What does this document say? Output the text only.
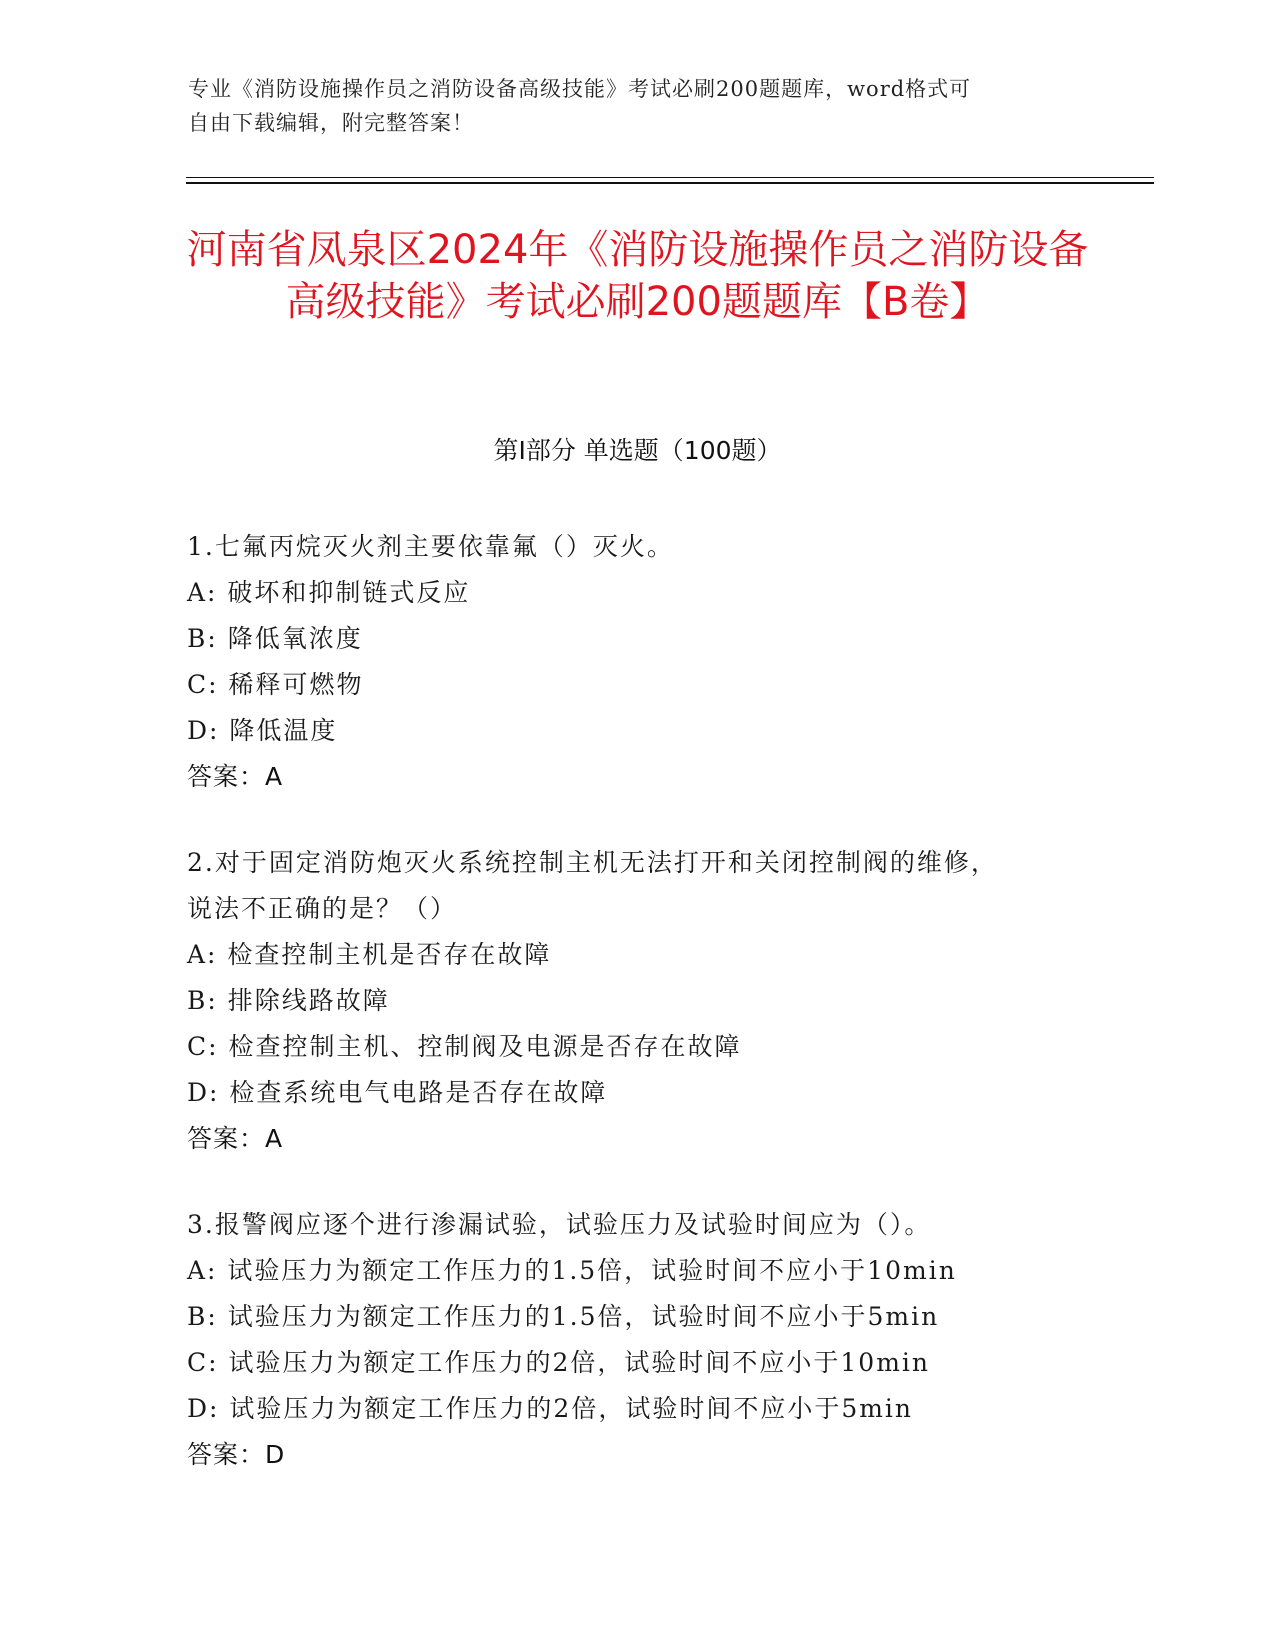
专业《消防设施操作员之消防设备高级技能》考试必刷200题题库，word格式可
自由下载编辑，附完整答案！
河南省凤泉区2024年《消防设施操作员之消防设备高级技能》考试必刷200题题库【B卷】
第I部分 单选题（100题）
1.七氟丙烷灭火剂主要依靠氟（）灭火。
A: 破坏和抑制链式反应
B: 降低氧浓度
C: 稀释可燃物
D: 降低温度
答案：A
2.对于固定消防炮灭火系统控制主机无法打开和关闭控制阀的维修，
说法不正确的是？（）
A: 检查控制主机是否存在故障
B: 排除线路故障
C: 检查控制主机、控制阀及电源是否存在故障
D: 检查系统电气电路是否存在故障
答案：A
3.报警阀应逐个进行渗漏试验，试验压力及试验时间应为（）。
A: 试验压力为额定工作压力的1.5倍，试验时间不应小于10min
B: 试验压力为额定工作压力的1.5倍，试验时间不应小于5min
C: 试验压力为额定工作压力的2倍，试验时间不应小于10min
D: 试验压力为额定工作压力的2倍，试验时间不应小于5min
答案：D
